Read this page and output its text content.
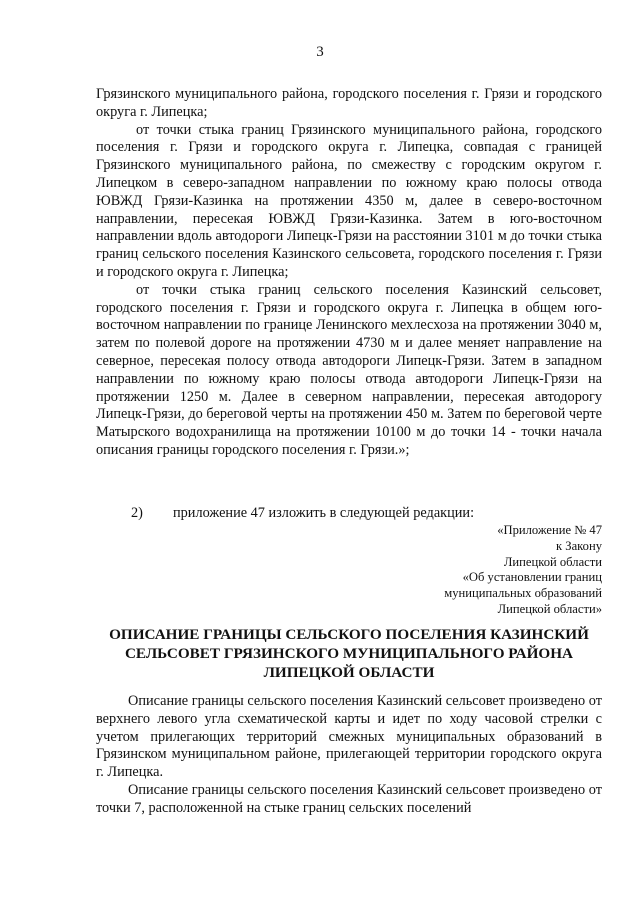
3

Грязинского муниципального района, городского поселения г. Грязи и городского округа г. Липецка;

от точки стыка границ Грязинского муниципального района, городского поселения г. Грязи и городского округа г. Липецка, совпадая с границей Грязинского муниципального района, по смежеству с городским округом г. Липецком в северо-западном направлении по южному краю полосы отвода ЮВЖД Грязи-Казинка на протяжении 4350 м, далее в северо-восточном направлении, пересекая ЮВЖД Грязи-Казинка. Затем в юго-восточном направлении вдоль автодороги Липецк-Грязи на расстоянии 3101 м до точки стыка границ сельского поселения Казинского сельсовета, городского поселения г. Грязи и городского округа г. Липецка;

от точки стыка границ сельского поселения Казинский сельсовет, городского поселения г. Грязи и городского округа г. Липецка в общем юго-восточном направлении по границе Ленинского мехлесхоза на протяжении 3040 м, затем по полевой дороге на протяжении 4730 м и далее меняет направление на северное, пересекая полосу отвода автодороги Липецк-Грязи. Затем в западном направлении по южному краю полосы отвода автодороги Липецк-Грязи на протяжении 1250 м. Далее в северном направлении, пересекая автодорогу Липецк-Грязи, до береговой черты на протяжении 450 м. Затем по береговой черте Матырского водохранилища на протяжении 10100 м до точки 14 - точки начала описания границы городского поселения г. Грязи.»;

2) приложение 47 изложить в следующей редакции:
«Приложение № 47
к Закону
Липецкой области
«Об установлении границ
муниципальных образований
Липецкой области»
ОПИСАНИЕ ГРАНИЦЫ СЕЛЬСКОГО ПОСЕЛЕНИЯ КАЗИНСКИЙ
СЕЛЬСОВЕТ ГРЯЗИНСКОГО МУНИЦИПАЛЬНОГО РАЙОНА
ЛИПЕЦКОЙ ОБЛАСТИ

Описание границы сельского поселения Казинский сельсовет произведено от верхнего левого угла схематической карты и идет по ходу часовой стрелки с учетом прилегающих территорий смежных муниципальных образований в Грязинском муниципальном районе, прилегающей территории городского округа г. Липецка.

Описание границы сельского поселения Казинский сельсовет произведено от точки 7, расположенной на стыке границ сельских поселений
